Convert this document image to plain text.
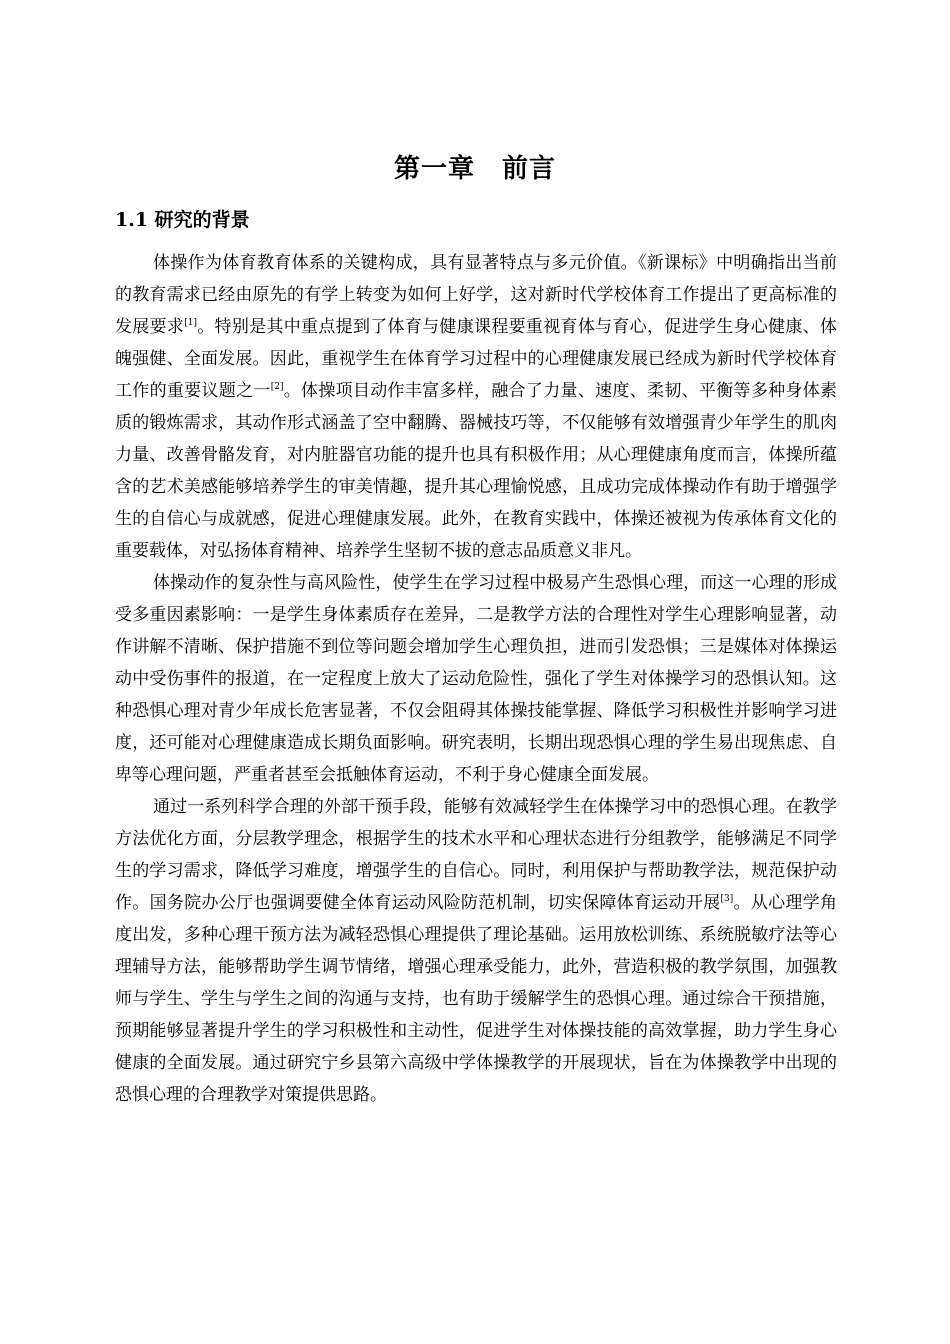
第一章　前言
1.1 研究的背景

体操作为体育教育体系的关键构成，具有显著特点与多元价值。《新课标》中明确指出当前的教育需求已经由原先的有学上转变为如何上好学，这对新时代学校体育工作提出了更高标准的发展要求[1]。特别是其中重点提到了体育与健康课程要重视育体与育心，促进学生身心健康、体魄强健、全面发展。因此，重视学生在体育学习过程中的心理健康发展已经成为新时代学校体育工作的重要议题之一[2]。体操项目动作丰富多样，融合了力量、速度、柔韧、平衡等多种身体素质的锻炼需求，其动作形式涵盖了空中翻腾、器械技巧等，不仅能够有效增强青少年学生的肌肉力量、改善骨骼发育，对内脏器官功能的提升也具有积极作用；从心理健康角度而言，体操所蕴含的艺术美感能够培养学生的审美情趣，提升其心理愉悦感，且成功完成体操动作有助于增强学生的自信心与成就感，促进心理健康发展。此外，在教育实践中，体操还被视为传承体育文化的重要载体，对弘扬体育精神、培养学生坚韧不拔的意志品质意义非凡。

体操动作的复杂性与高风险性，使学生在学习过程中极易产生恐惧心理，而这一心理的形成受多重因素影响：一是学生身体素质存在差异，二是教学方法的合理性对学生心理影响显著，动作讲解不清晰、保护措施不到位等问题会增加学生心理负担，进而引发恐惧；三是媒体对体操运动中受伤事件的报道，在一定程度上放大了运动危险性，强化了学生对体操学习的恐惧认知。这种恐惧心理对青少年成长危害显著，不仅会阻碍其体操技能掌握、降低学习积极性并影响学习进度，还可能对心理健康造成长期负面影响。研究表明，长期出现恐惧心理的学生易出现焦虑、自卑等心理问题，严重者甚至会抵触体育运动，不利于身心健康全面发展。

通过一系列科学合理的外部干预手段，能够有效减轻学生在体操学习中的恐惧心理。在教学方法优化方面，分层教学理念，根据学生的技术水平和心理状态进行分组教学，能够满足不同学生的学习需求，降低学习难度，增强学生的自信心。同时，利用保护与帮助教学法，规范保护动作。国务院办公厅也强调要健全体育运动风险防范机制，切实保障体育运动开展[3]。从心理学角度出发，多种心理干预方法为减轻恐惧心理提供了理论基础。运用放松训练、系统脱敏疗法等心理辅导方法，能够帮助学生调节情绪，增强心理承受能力，此外，营造积极的教学氛围，加强教师与学生、学生与学生之间的沟通与支持，也有助于缓解学生的恐惧心理。通过综合干预措施，预期能够显著提升学生的学习积极性和主动性，促进学生对体操技能的高效掌握，助力学生身心健康的全面发展。通过研究宁乡县第六高级中学体操教学的开展现状，旨在为体操教学中出现的恐惧心理的合理教学对策提供思路。
